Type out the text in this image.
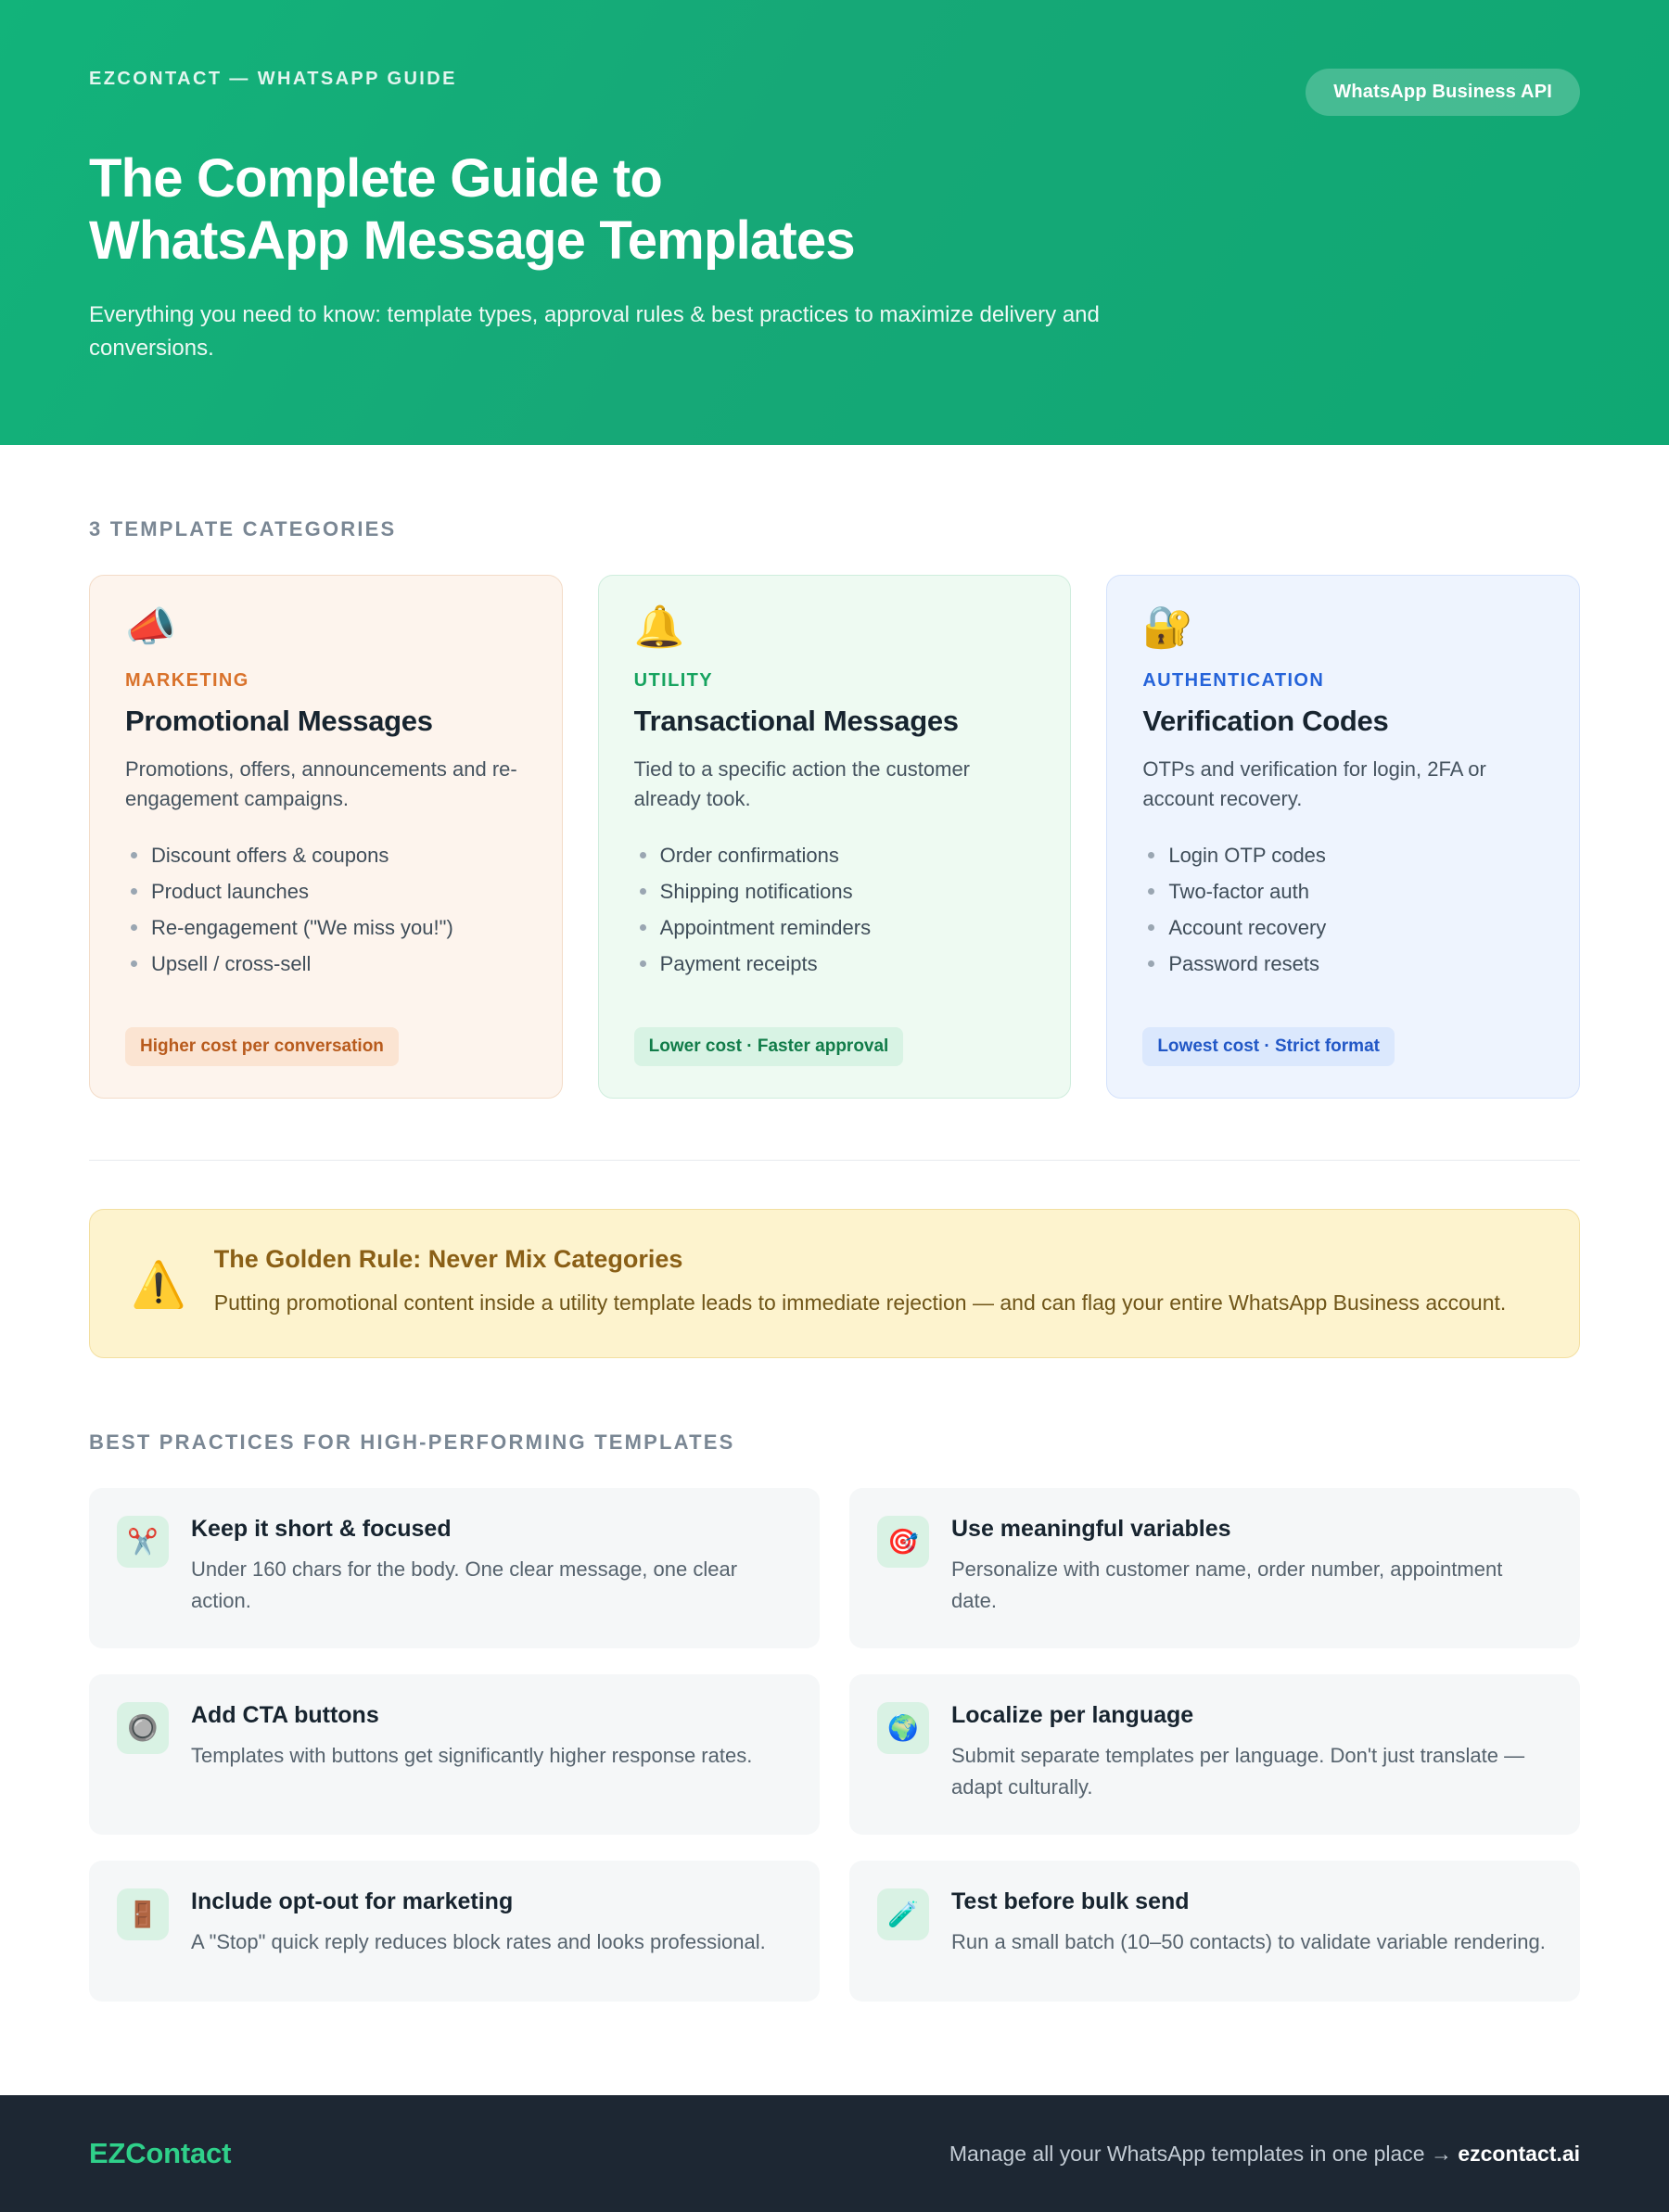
EZCONTACT — WHATSAPP GUIDE
WhatsApp Business API
The Complete Guide to
WhatsApp Message Templates

Everything you need to know: template types, approval rules & best practices to maximize delivery and conversions.

3 TEMPLATE CATEGORIES
📣
MARKETING
Promotional Messages
Promotions, offers, announcements and re-engagement campaigns.
Discount offers & coupons
Product launches
Re-engagement ("We miss you!")
Upsell / cross-sell
Higher cost per conversation
🔔
UTILITY
Transactional Messages
Tied to a specific action the customer already took.
Order confirmations
Shipping notifications
Appointment reminders
Payment receipts
Lower cost · Faster approval
🔐
AUTHENTICATION
Verification Codes
OTPs and verification for login, 2FA or account recovery.
Login OTP codes
Two-factor auth
Account recovery
Password resets
Lowest cost · Strict format
⚠️
The Golden Rule: Never Mix Categories
Putting promotional content inside a utility template leads to immediate rejection — and can flag your entire WhatsApp Business account.
BEST PRACTICES FOR HIGH-PERFORMING TEMPLATES
✂️	Keep it short & focused
Under 160 chars for the body. One clear message, one clear action.
🎯	Use meaningful variables
Personalize with customer name, order number, appointment date.
🔘	Add CTA buttons
Templates with buttons get significantly higher response rates.
🌍	Localize per language
Submit separate templates per language. Don't just translate — adapt culturally.
🚪	Include opt-out for marketing
A "Stop" quick reply reduces block rates and looks professional.
🧪	Test before bulk send
Run a small batch (10–50 contacts) to validate variable rendering.
EZContact	Manage all your WhatsApp templates in one place → ezcontact.ai
